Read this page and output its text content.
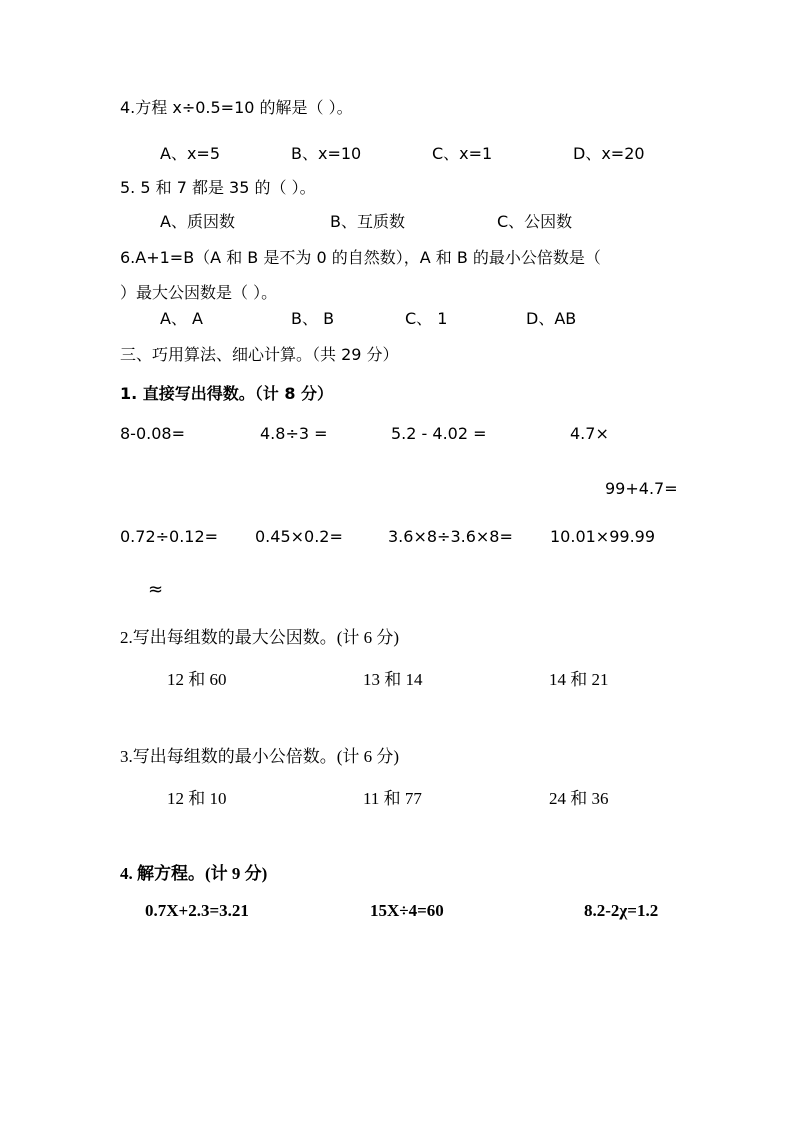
4.方程 x÷0.5=10 的解是（ ）。
A、x=5	B、x=10	C、x=1	D、x=20
5. 5 和 7 都是 35 的（ ）。
A、质因数	B、互质数	C、公因数
6.A+1=B（A 和 B 是不为 0 的自然数），A 和 B 的最小公倍数是（
）最大公因数是（ ）。
A、 A	B、 B	C、 1	D、AB
三、巧用算法、细心计算。（共 29 分）
1. 直接写出得数。（计 8 分）
8-0.08=	4.8÷3 =	5.2 - 4.02 =	4.7×
99+4.7=
0.72÷0.12= 0.45×0.2=	3.6×8÷3.6×8= 10.01×99.99
≈
2.写出每组数的最大公因数。(计 6 分)
12 和 60	13 和 14	14 和 21
3.写出每组数的最小公倍数。(计 6 分)
12 和 10	11 和 77	24 和 36
4. 解方程。(计 9 分)
0.7X+2.3=3.21	15X÷4=60	8.2-2χ=1.2
